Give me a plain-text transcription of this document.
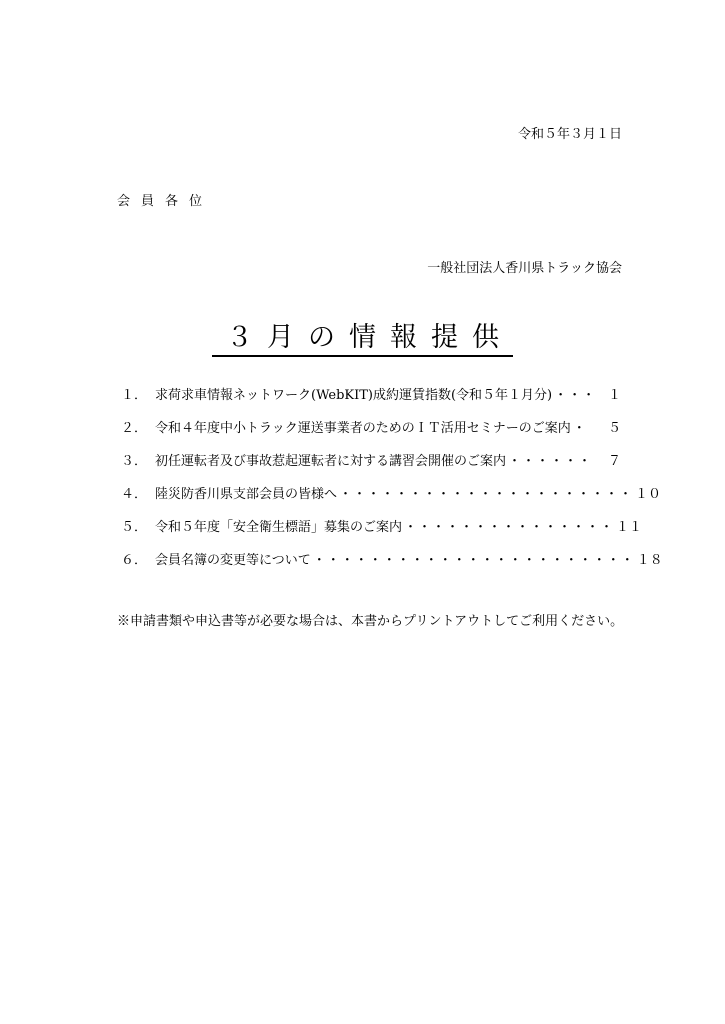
令和５年３月１日
会員各位
一般社団法人香川県トラック協会
３月の情報提供
１． 求荷求車情報ネットワーク(WebKIT)成約運賃指数(令和５年１月分) ・・・ １
２． 令和４年度中小トラック運送事業者のためのＩＴ活用セミナーのご案内 ・	５
３． 初任運転者及び事故惹起運転者に対する講習会開催のご案内 ・・・・・・	７
４． 陸災防香川県支部会員の皆様へ ・・・・・・・・・・・・・・・・・・・・・ １０
５． 令和５年度「安全衛生標語」募集のご案内 ・・・・・・・・・・・・・・・ １１
６． 会員名簿の変更等について ・・・・・・・・・・・・・・・・・・・・・・・ １８
※申請書類や申込書等が必要な場合は、本書からプリントアウトしてご利用ください。
